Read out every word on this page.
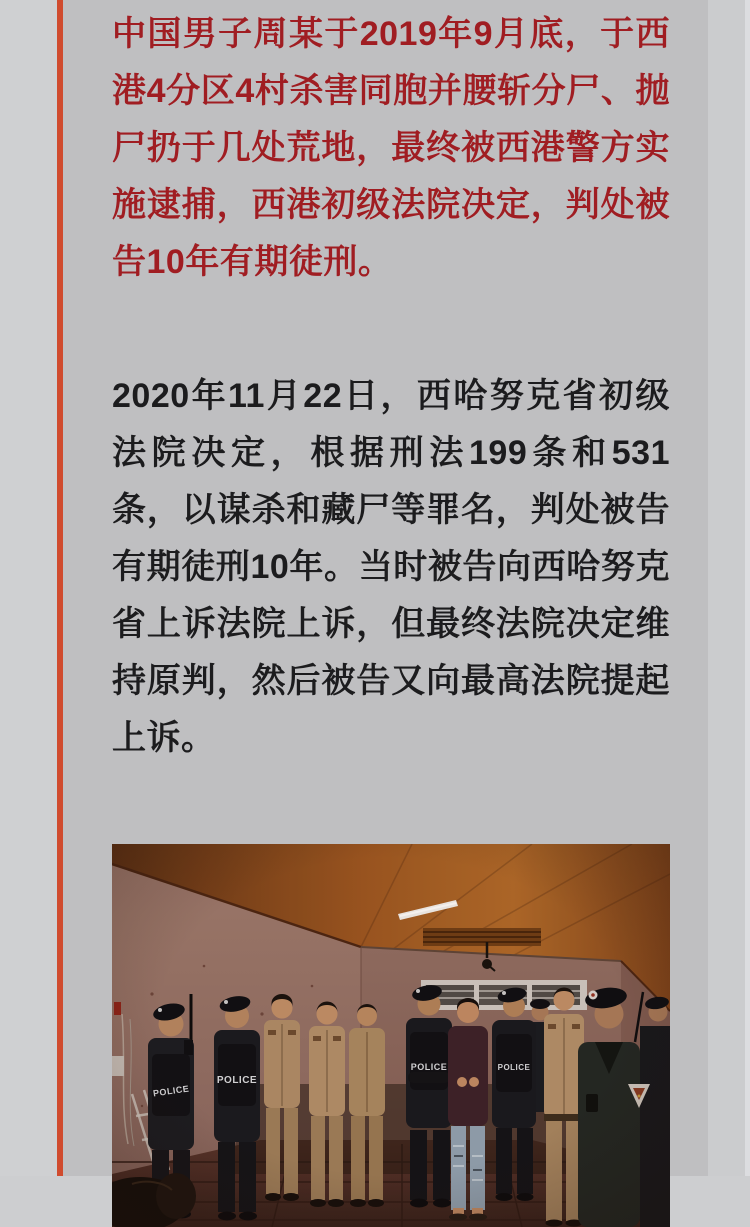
中国男子周某于2019年9月底，于西港4分区4村杀害同胞并腰斩分尸、抛尸扔于几处荒地，最终被西港警方实施逮捕，西港初级法院决定，判处被告10年有期徒刑。

2020年11月22日，西哈努克省初级法院决定，根据刑法199条和531条，以谋杀和藏尸等罪名，判处被告有期徒刑10年。当时被告向西哈努克省上诉法院上诉，但最终法院决定维持原判，然后被告又向最高法院提起上诉。
